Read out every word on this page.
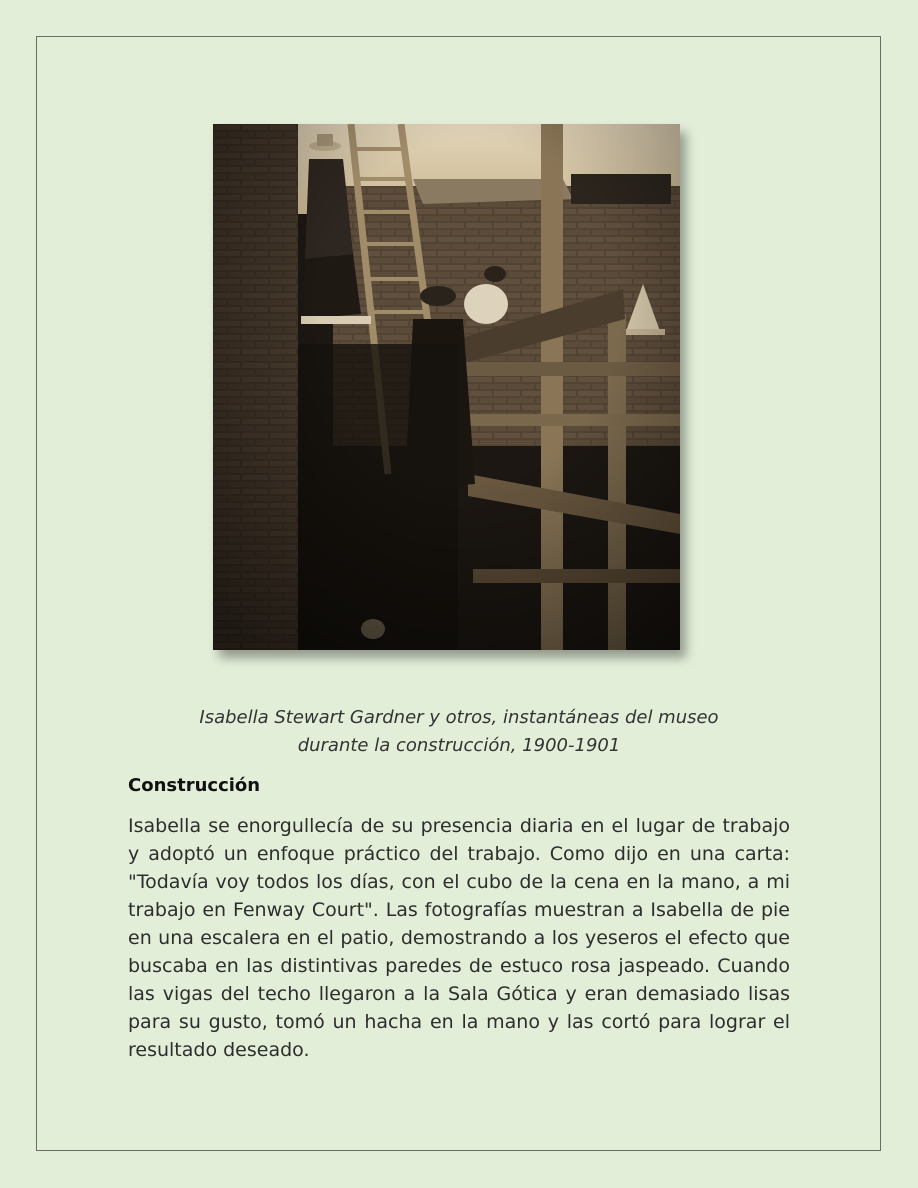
Isabella Stewart Gardner y otros, instantáneas del museo
durante la construcción, 1900-1901
Construcción

Isabella se enorgullecía de su presencia diaria en el lugar de trabajo y adoptó un enfoque práctico del trabajo. Como dijo en una carta: "Todavía voy todos los días, con el cubo de la cena en la mano, a mi trabajo en Fenway Court". Las fotografías muestran a Isabella de pie en una escalera en el patio, demostrando a los yeseros el efecto que buscaba en las distintivas paredes de estuco rosa jaspeado. Cuando las vigas del techo llegaron a la Sala Gótica y eran demasiado lisas para su gusto, tomó un hacha en la mano y las cortó para lograr el resultado deseado.
